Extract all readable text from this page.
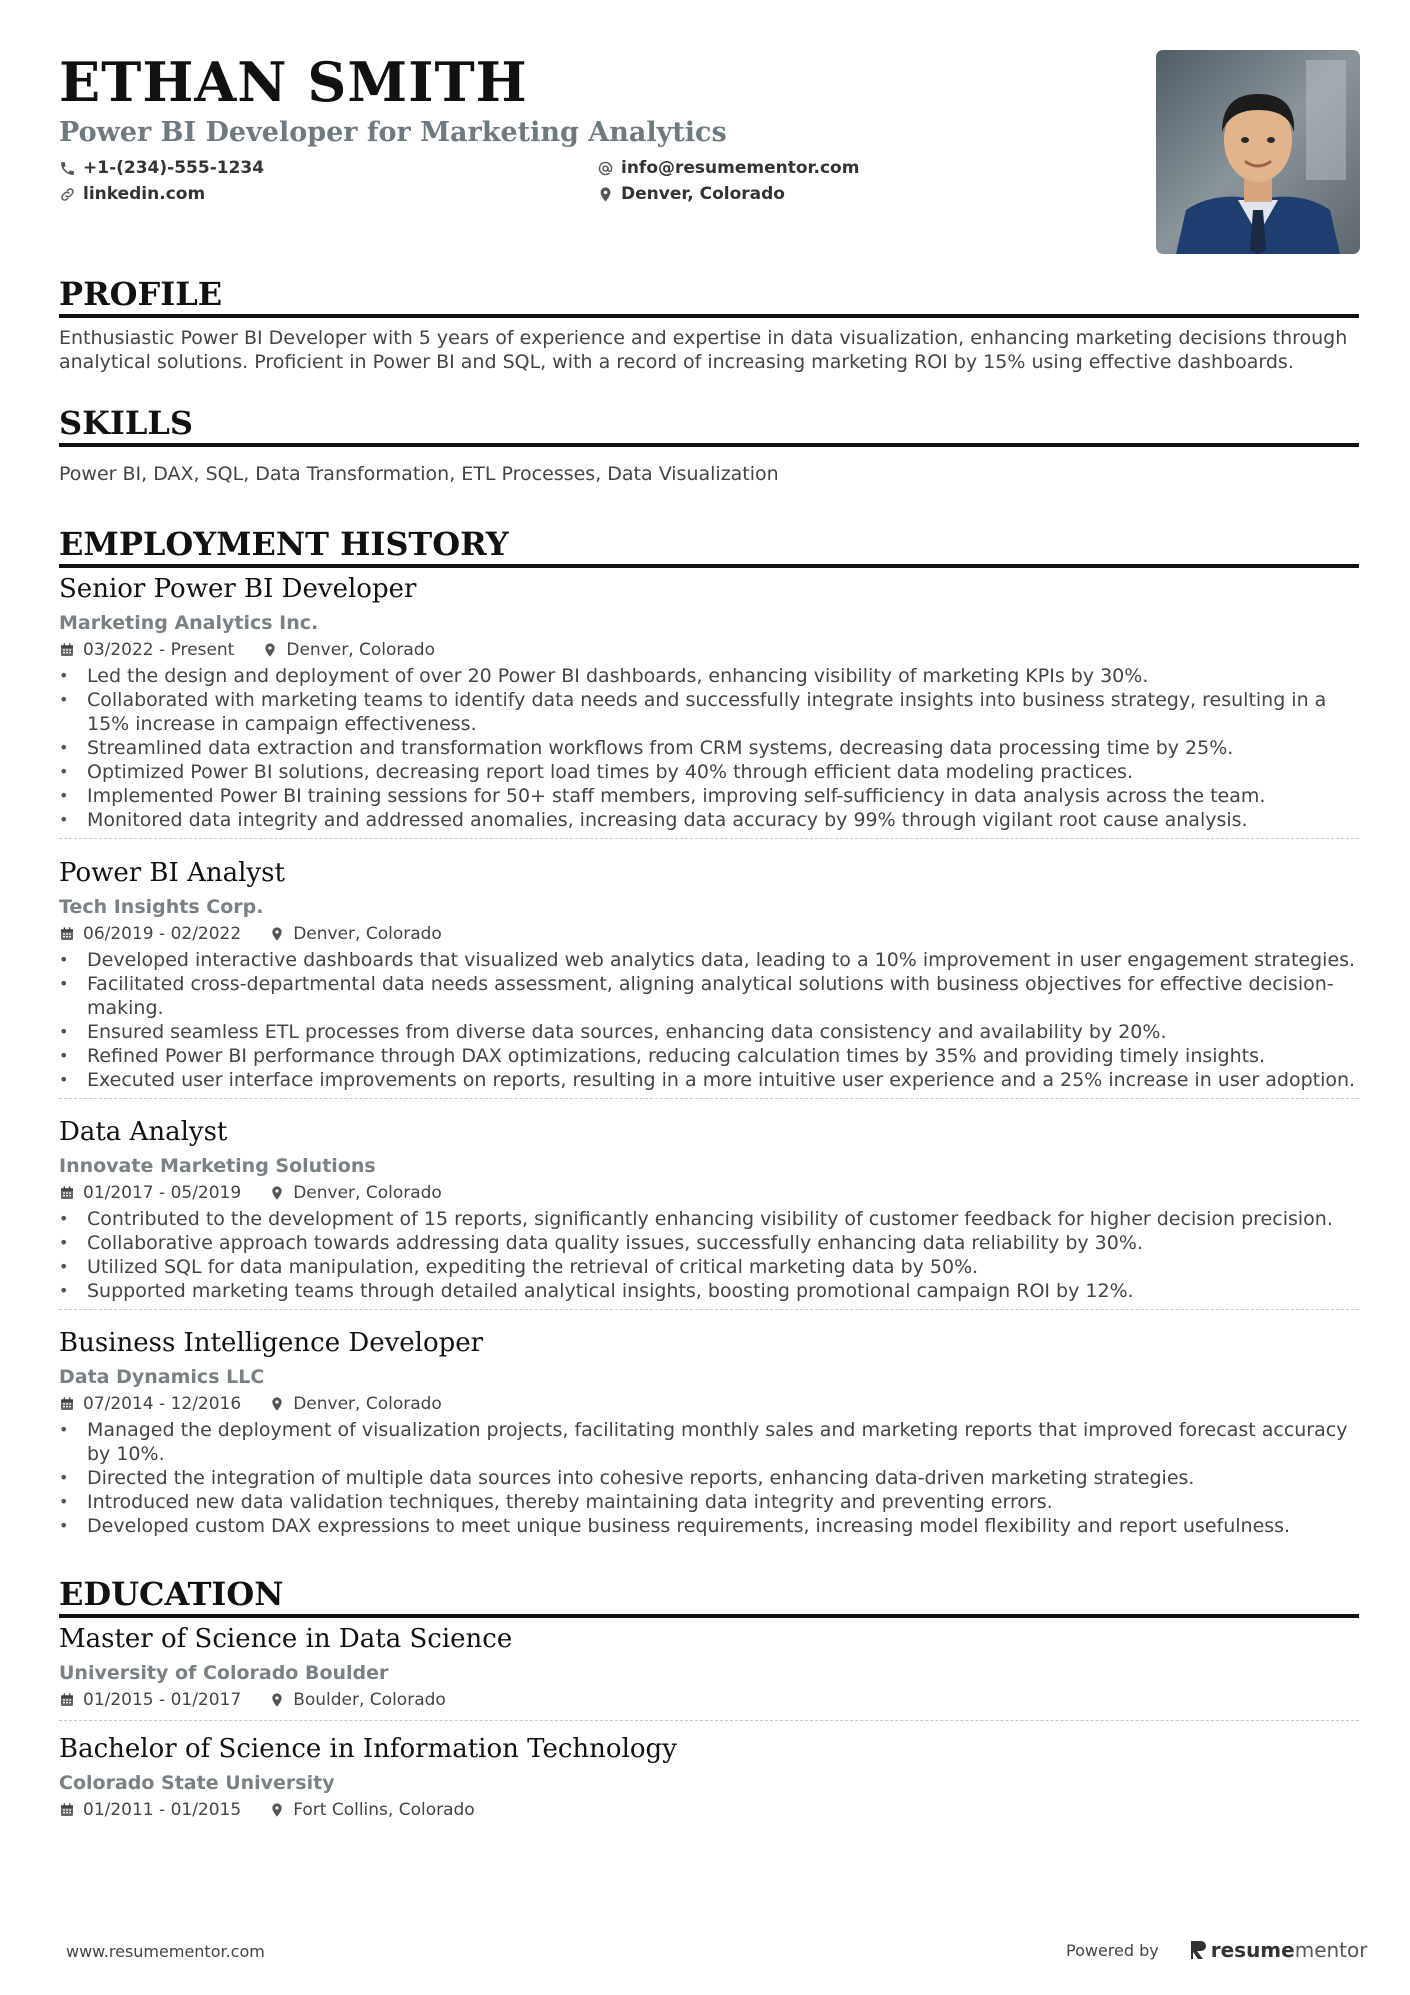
ETHAN SMITH
Power BI Developer for Marketing Analytics
+1-(234)-555-1234
linkedin.com
info@resumementor.com
Denver, Colorado
PROFILE
Enthusiastic Power BI Developer with 5 years of experience and expertise in data visualization, enhancing marketing decisions through analytical solutions. Proficient in Power BI and SQL, with a record of increasing marketing ROI by 15% using effective dashboards.
SKILLS
Power BI, DAX, SQL, Data Transformation, ETL Processes, Data Visualization
EMPLOYMENT HISTORY
Senior Power BI Developer
Marketing Analytics Inc.
03/2022 - Present	Denver, Colorado
• Led the design and deployment of over 20 Power BI dashboards, enhancing visibility of marketing KPIs by 30%.
• Collaborated with marketing teams to identify data needs and successfully integrate insights into business strategy, resulting in a 15% increase in campaign effectiveness.
• Streamlined data extraction and transformation workflows from CRM systems, decreasing data processing time by 25%.
• Optimized Power BI solutions, decreasing report load times by 40% through efficient data modeling practices.
• Implemented Power BI training sessions for 50+ staff members, improving self-sufficiency in data analysis across the team.
• Monitored data integrity and addressed anomalies, increasing data accuracy by 99% through vigilant root cause analysis.
Power BI Analyst
Tech Insights Corp.
06/2019 - 02/2022	Denver, Colorado
• Developed interactive dashboards that visualized web analytics data, leading to a 10% improvement in user engagement strategies.
• Facilitated cross-departmental data needs assessment, aligning analytical solutions with business objectives for effective decision-making.
• Ensured seamless ETL processes from diverse data sources, enhancing data consistency and availability by 20%.
• Refined Power BI performance through DAX optimizations, reducing calculation times by 35% and providing timely insights.
• Executed user interface improvements on reports, resulting in a more intuitive user experience and a 25% increase in user adoption.
Data Analyst
Innovate Marketing Solutions
01/2017 - 05/2019	Denver, Colorado
• Contributed to the development of 15 reports, significantly enhancing visibility of customer feedback for higher decision precision.
• Collaborative approach towards addressing data quality issues, successfully enhancing data reliability by 30%.
• Utilized SQL for data manipulation, expediting the retrieval of critical marketing data by 50%.
• Supported marketing teams through detailed analytical insights, boosting promotional campaign ROI by 12%.
Business Intelligence Developer
Data Dynamics LLC
07/2014 - 12/2016	Denver, Colorado
• Managed the deployment of visualization projects, facilitating monthly sales and marketing reports that improved forecast accuracy by 10%.
• Directed the integration of multiple data sources into cohesive reports, enhancing data-driven marketing strategies.
• Introduced new data validation techniques, thereby maintaining data integrity and preventing errors.
• Developed custom DAX expressions to meet unique business requirements, increasing model flexibility and report usefulness.
EDUCATION
Master of Science in Data Science
University of Colorado Boulder
01/2015 - 01/2017	Boulder, Colorado
Bachelor of Science in Information Technology
Colorado State University
01/2011 - 01/2015	Fort Collins, Colorado
www.resumementor.com	Powered by	resume mentor
